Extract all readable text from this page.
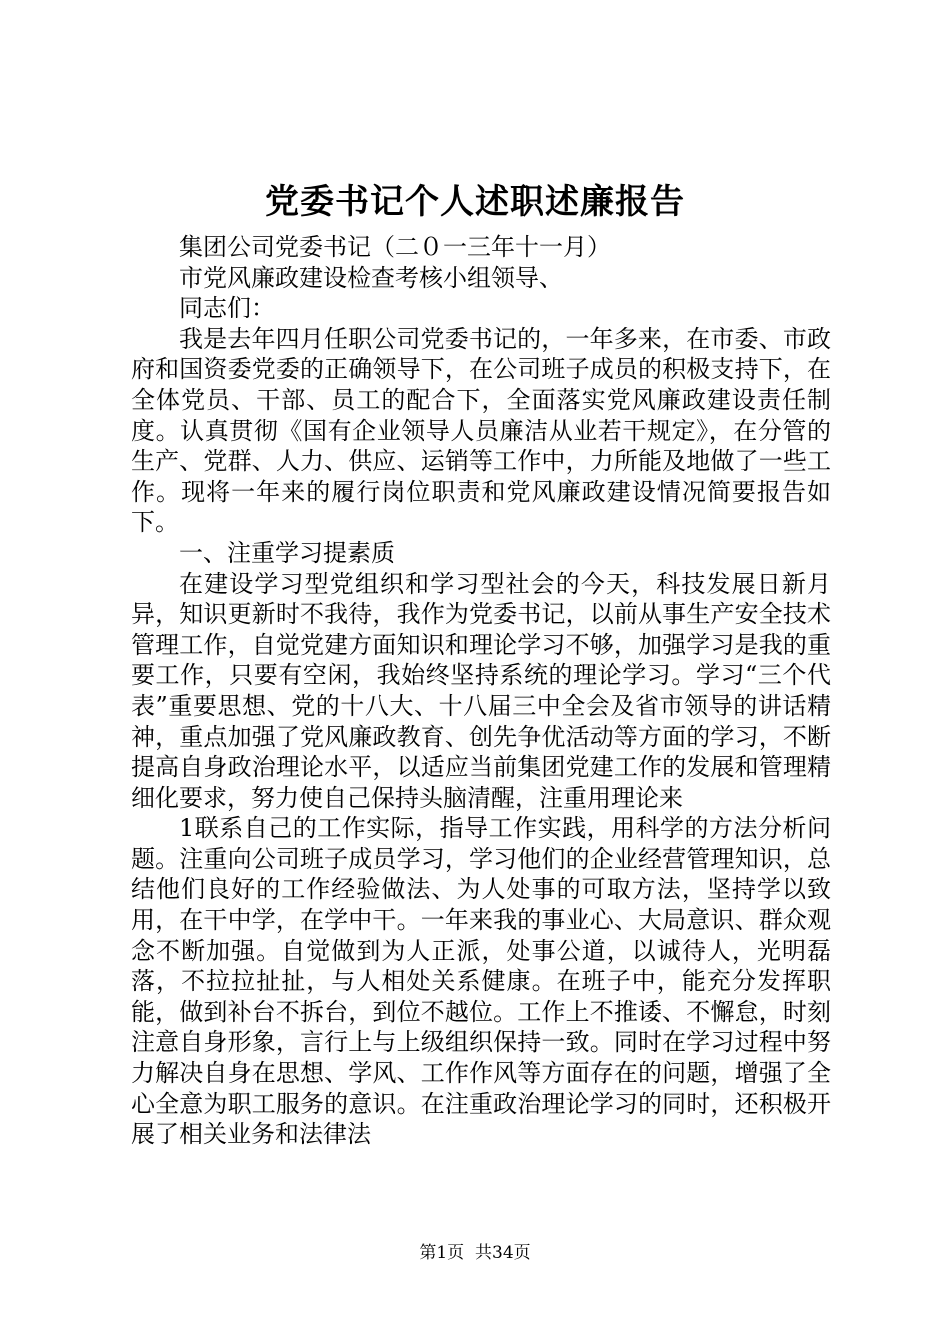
党委书记个人述职述廉报告

集团公司党委书记（二０一三年十一月）

市党风廉政建设检查考核小组领导、

同志们：

我是去年四月任职公司党委书记的，一年多来，在市委、市政府和国资委党委的正确领导下，在公司班子成员的积极支持下，在全体党员、干部、员工的配合下，全面落实党风廉政建设责任制度。认真贯彻《国有企业领导人员廉洁从业若干规定》，在分管的生产、党群、人力、供应、运销等工作中，力所能及地做了一些工作。现将一年来的履行岗位职责和党风廉政建设情况简要报告如下。

一、注重学习提素质

在建设学习型党组织和学习型社会的今天，科技发展日新月异，知识更新时不我待，我作为党委书记，以前从事生产安全技术管理工作，自觉党建方面知识和理论学习不够，加强学习是我的重要工作，只要有空闲，我始终坚持系统的理论学习。学习“三个代表”重要思想、党的十八大、十八届三中全会及省市领导的讲话精神，重点加强了党风廉政教育、创先争优活动等方面的学习，不断提高自身政治理论水平，以适应当前集团党建工作的发展和管理精细化要求，努力使自己保持头脑清醒，注重用理论来

1联系自己的工作实际，指导工作实践，用科学的方法分析问题。注重向公司班子成员学习，学习他们的企业经营管理知识，总结他们良好的工作经验做法、为人处事的可取方法，坚持学以致用，在干中学，在学中干。一年来我的事业心、大局意识、群众观念不断加强。自觉做到为人正派，处事公道，以诚待人，光明磊落，不拉拉扯扯，与人相处关系健康。在班子中，能充分发挥职能，做到补台不拆台，到位不越位。工作上不推诿、不懈怠，时刻注意自身形象，言行上与上级组织保持一致。同时在学习过程中努力解决自身在思想、学风、工作作风等方面存在的问题，增强了全心全意为职工服务的意识。在注重政治理论学习的同时，还积极开展了相关业务和法律法

第1页 共34页
